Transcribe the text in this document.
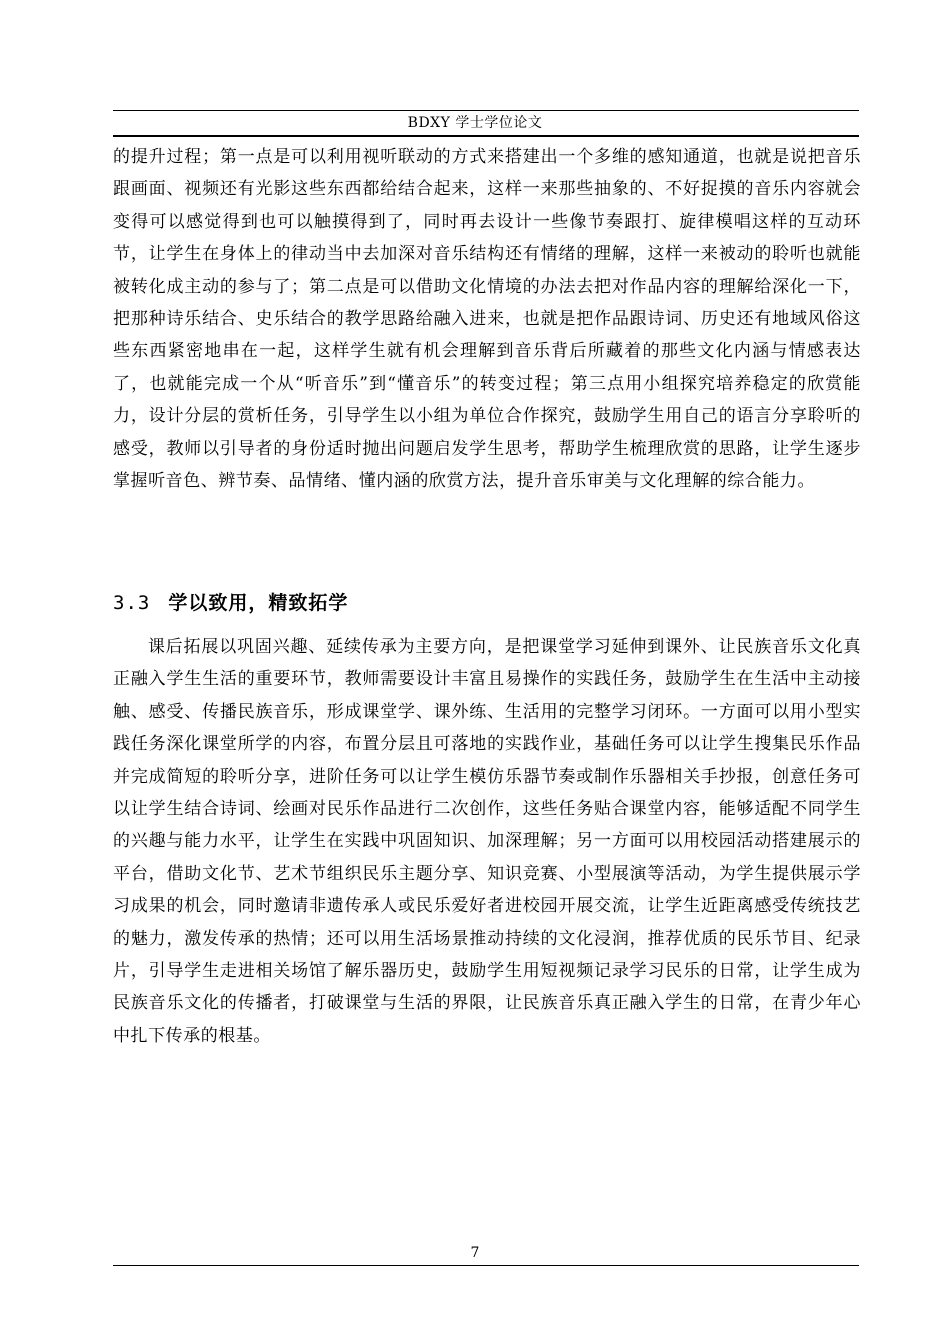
BDXY 学士学位论文

的提升过程；第一点是可以利用视听联动的方式来搭建出一个多维的感知通道，也就是说把音乐跟画面、视频还有光影这些东西都给结合起来，这样一来那些抽象的、不好捉摸的音乐内容就会变得可以感觉得到也可以触摸得到了，同时再去设计一些像节奏跟打、旋律模唱这样的互动环节，让学生在身体上的律动当中去加深对音乐结构还有情绪的理解，这样一来被动的聆听也就能被转化成主动的参与了；第二点是可以借助文化情境的办法去把对作品内容的理解给深化一下，把那种诗乐结合、史乐结合的教学思路给融入进来，也就是把作品跟诗词、历史还有地域风俗这些东西紧密地串在一起，这样学生就有机会理解到音乐背后所藏着的那些文化内涵与情感表达了，也就能完成一个从“听音乐”到“懂音乐”的转变过程；第三点用小组探究培养稳定的欣赏能力，设计分层的赏析任务，引导学生以小组为单位合作探究，鼓励学生用自己的语言分享聆听的感受，教师以引导者的身份适时抛出问题启发学生思考，帮助学生梳理欣赏的思路，让学生逐步掌握听音色、辨节奏、品情绪、懂内涵的欣赏方法，提升音乐审美与文化理解的综合能力。

3.3 学以致用，精致拓学

课后拓展以巩固兴趣、延续传承为主要方向，是把课堂学习延伸到课外、让民族音乐文化真正融入学生生活的重要环节，教师需要设计丰富且易操作的实践任务，鼓励学生在生活中主动接触、感受、传播民族音乐，形成课堂学、课外练、生活用的完整学习闭环。一方面可以用小型实践任务深化课堂所学的内容，布置分层且可落地的实践作业，基础任务可以让学生搜集民乐作品并完成简短的聆听分享，进阶任务可以让学生模仿乐器节奏或制作乐器相关手抄报，创意任务可以让学生结合诗词、绘画对民乐作品进行二次创作，这些任务贴合课堂内容，能够适配不同学生的兴趣与能力水平，让学生在实践中巩固知识、加深理解；另一方面可以用校园活动搭建展示的平台，借助文化节、艺术节组织民乐主题分享、知识竞赛、小型展演等活动，为学生提供展示学习成果的机会，同时邀请非遗传承人或民乐爱好者进校园开展交流，让学生近距离感受传统技艺的魅力，激发传承的热情；还可以用生活场景推动持续的文化浸润，推荐优质的民乐节目、纪录片，引导学生走进相关场馆了解乐器历史，鼓励学生用短视频记录学习民乐的日常，让学生成为民族音乐文化的传播者，打破课堂与生活的界限，让民族音乐真正融入学生的日常，在青少年心中扎下传承的根基。

7
